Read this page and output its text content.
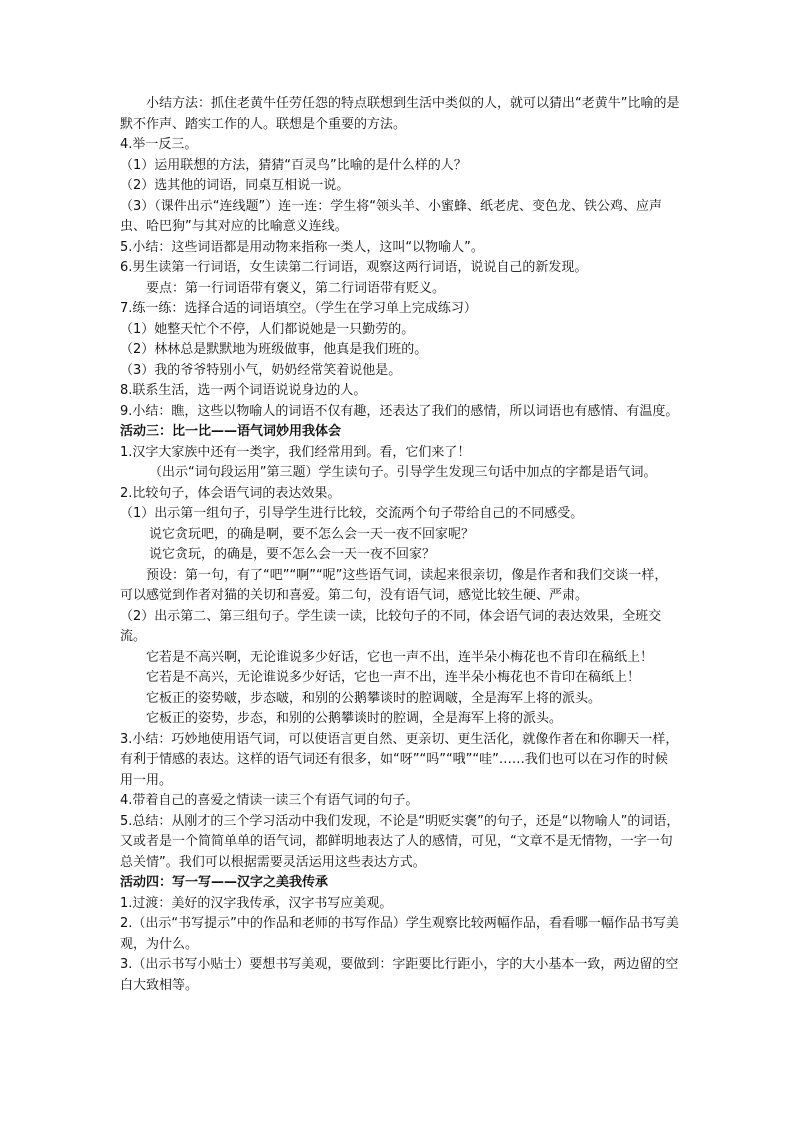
小结方法：抓住老黄牛任劳任怨的特点联想到生活中类似的人，就可以猜出“老黄牛”比喻的是默不作声、踏实工作的人。联想是个重要的方法。

4.举一反三。

（1）运用联想的方法，猜猜“百灵鸟”比喻的是什么样的人？

（2）选其他的词语，同桌互相说一说。

（3）（课件出示“连线题”）连一连：学生将“领头羊、小蜜蜂、纸老虎、变色龙、铁公鸡、应声虫、哈巴狗”与其对应的比喻意义连线。

5.小结：这些词语都是用动物来指称一类人，这叫“以物喻人”。

6.男生读第一行词语，女生读第二行词语，观察这两行词语，说说自己的新发现。

要点：第一行词语带有褒义，第二行词语带有贬义。

7.练一练：选择合适的词语填空。（学生在学习单上完成练习）

（1）她整天忙个不停，人们都说她是一只勤劳的。

（2）林林总是默默地为班级做事，他真是我们班的。

（3）我的爷爷特别小气，奶奶经常笑着说他是。

8.联系生活，选一两个词语说说身边的人。

9.小结：瞧，这些以物喻人的词语不仅有趣，还表达了我们的感情，所以词语也有感情、有温度。

活动三：比一比——语气词妙用我体会

1.汉字大家族中还有一类字，我们经常用到。看，它们来了！

（出示“词句段运用”第三题）学生读句子。引导学生发现三句话中加点的字都是语气词。

2.比较句子，体会语气词的表达效果。

（1）出示第一组句子，引导学生进行比较，交流两个句子带给自己的不同感受。

说它贪玩吧，的确是啊，要不怎么会一天一夜不回家呢？

说它贪玩，的确是，要不怎么会一天一夜不回家？

预设：第一句，有了“吧”“啊”“呢”这些语气词，读起来很亲切，像是作者和我们交谈一样，可以感觉到作者对猫的关切和喜爱。第二句，没有语气词，感觉比较生硬、严肃。

（2）出示第二、第三组句子。学生读一读，比较句子的不同，体会语气词的表达效果，全班交流。

它若是不高兴啊，无论谁说多少好话，它也一声不出，连半朵小梅花也不肯印在稿纸上！

它若是不高兴，无论谁说多少好话，它也一声不出，连半朵小梅花也不肯印在稿纸上！

它板正的姿势啵，步态啵，和别的公鹅攀谈时的腔调啵，全是海军上将的派头。

它板正的姿势，步态，和别的公鹅攀谈时的腔调，全是海军上将的派头。

3.小结：巧妙地使用语气词，可以使语言更自然、更亲切、更生活化，就像作者在和你聊天一样，有利于情感的表达。这样的语气词还有很多，如“呀”“吗”“哦”“哇”……我们也可以在习作的时候用一用。

4.带着自己的喜爱之情读一读三个有语气词的句子。

5.总结：从刚才的三个学习活动中我们发现，不论是“明贬实褒”的句子，还是“以物喻人”的词语，又或者是一个简简单单的语气词，都鲜明地表达了人的感情，可见，“文章不是无情物，一字一句总关情”。我们可以根据需要灵活运用这些表达方式。

活动四：写一写——汉字之美我传承

1.过渡：美好的汉字我传承，汉字书写应美观。

2.（出示“书写提示”中的作品和老师的书写作品）学生观察比较两幅作品，看看哪一幅作品书写美观，为什么。

3.（出示书写小贴士）要想书写美观，要做到：字距要比行距小，字的大小基本一致，两边留的空白大致相等。
